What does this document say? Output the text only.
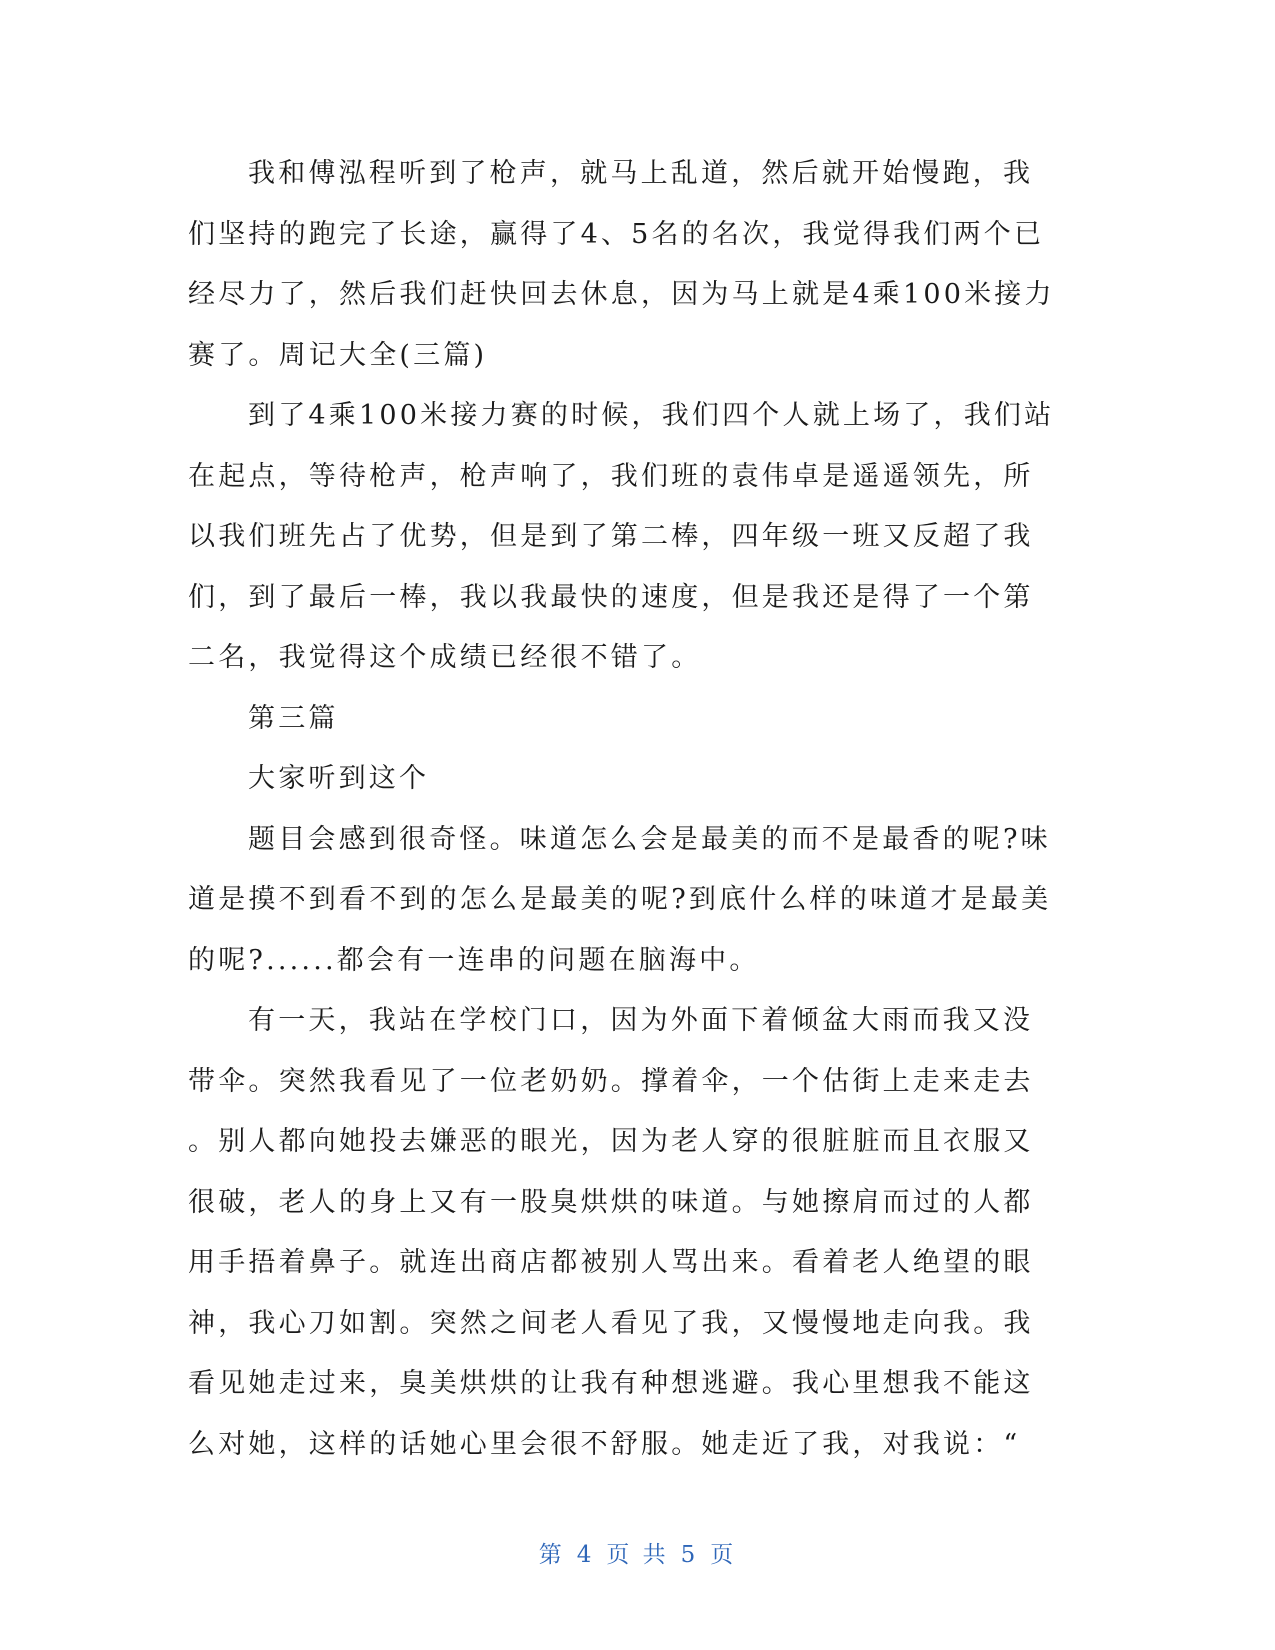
我和傅泓程听到了枪声，就马上乱道，然后就开始慢跑，我
们坚持的跑完了长途，赢得了4、5名的名次，我觉得我们两个已
经尽力了，然后我们赶快回去休息，因为马上就是4乘100米接力
赛了。周记大全(三篇)
到了4乘100米接力赛的时候，我们四个人就上场了，我们站
在起点，等待枪声，枪声响了，我们班的袁伟卓是遥遥领先，所
以我们班先占了优势，但是到了第二棒，四年级一班又反超了我
们，到了最后一棒，我以我最快的速度，但是我还是得了一个第
二名，我觉得这个成绩已经很不错了。
第三篇
大家听到这个
题目会感到很奇怪。味道怎么会是最美的而不是最香的呢?味
道是摸不到看不到的怎么是最美的呢?到底什么样的味道才是最美
的呢?......都会有一连串的问题在脑海中。
有一天，我站在学校门口，因为外面下着倾盆大雨而我又没
带伞。突然我看见了一位老奶奶。撑着伞，一个估街上走来走去
。别人都向她投去嫌恶的眼光，因为老人穿的很脏脏而且衣服又
很破，老人的身上又有一股臭烘烘的味道。与她擦肩而过的人都
用手捂着鼻子。就连出商店都被别人骂出来。看着老人绝望的眼
神，我心刀如割。突然之间老人看见了我，又慢慢地走向我。我
看见她走过来，臭美烘烘的让我有种想逃避。我心里想我不能这
么对她，这样的话她心里会很不舒服。她走近了我，对我说：“
第 4 页 共 5 页
